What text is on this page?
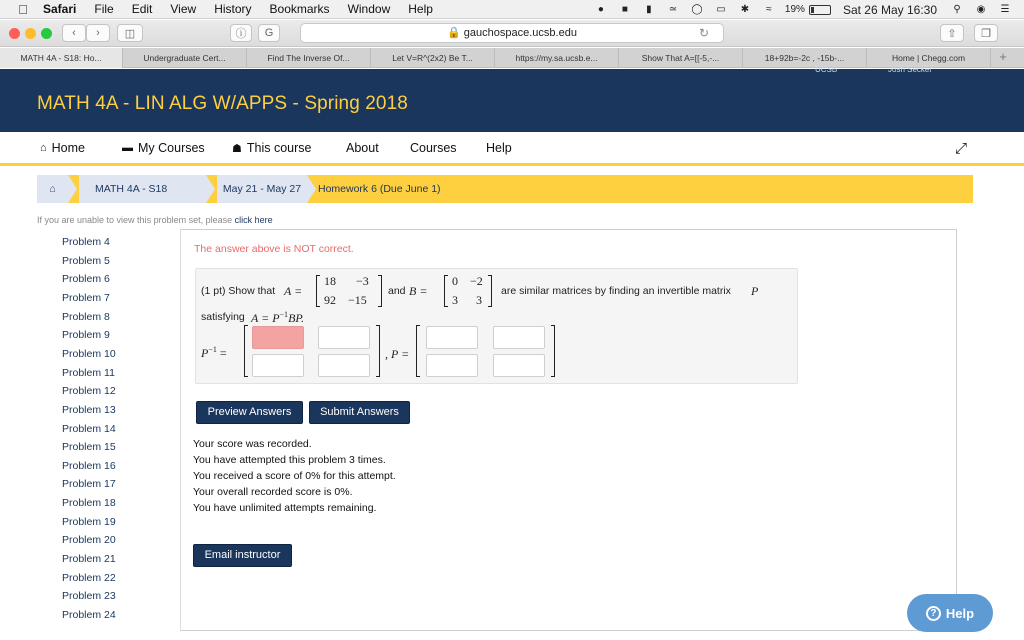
Safari File Edit View History Bookmarks Window Help	●	■	▮	≃ ◯ ▭ ✱	≈	19%	Sat 26 May 16:30	⚲	◉ ☰
‹ › ◫	ⓘ G	🔒 gauchospace.ucsb.edu	↻	⇧ ❐
MATH 4A - S18: Ho...	Undergraduate Cert...	Find The Inverse Of...	Let V=R^(2x2) Be T...	https://my.sa.ucsb.e...	Show That A=[[-5,-...	18+92b=-2c , -15b-...	Home | Chegg.com	+
UCSB	Josh Secker
MATH 4A - LIN ALG W/APPS - Spring 2018
⌂ Home	▬ My Courses ☗ This course	About	Courses Help	⤢
⌂	MATH 4A - S18	May 21 - May 27	Homework 6 (Due June 1)
If you are unable to view this problem set, please click here
Problem 4
Problem 5
Problem 6
Problem 7
Problem 8
Problem 9
Problem 10
Problem 11
Problem 12
Problem 13
Problem 14
Problem 15
Problem 16
Problem 17
Problem 18
Problem 19
Problem 20
Problem 21
Problem 22
Problem 23
Problem 24
The answer above is NOT correct.
(1 pt) Show that A =
18 −3
92 −15
and B =
0 −2
3 3
are similar matrices by finding an invertible matrix P
satisfying $A = P^{-1}BP$.
$P^{-1}$ =	, P =
Preview Answers	Submit Answers
Your score was recorded.
You have attempted this problem 3 times.
You received a score of 0% for this attempt.
Your overall recorded score is 0%.
You have unlimited attempts remaining.
Email instructor
? Help
